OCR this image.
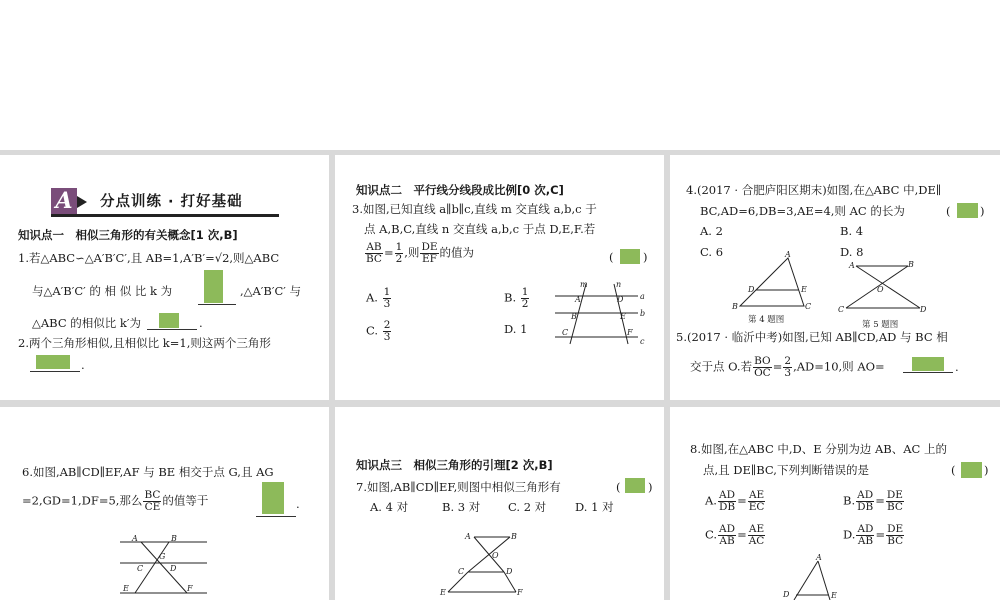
A	分点训练 · 打好基础
知识点一　相似三角形的有关概念[1 次,B]
1.若△ABC∽△A′B′C′,且 AB=1,A′B′=√2,则△ABC
与△A′B′C′ 的 相 似 比 k 为	,△A′B′C′ 与
△ABC 的相似比 k′为	.
2.两个三角形相似,且相似比 k=1,则这两个三角形
.
知识点二　平行线分线段成比例[0 次,C]
3.如图,已知直线 a∥b∥c,直线 m 交直线 a,b,c 于
点 A,B,C,直线 n 交直线 a,b,c 于点 D,E,F.若
$\frac{AB}{BC} = \frac{1}{2}$ ,则 $\frac{DE}{EF}$ 的值为	(	)
A. $\frac{1}{3}$	B. $\frac{1}{2}$
C. $\frac{2}{3}$	D. 1
m	n
A
B
C
D
E
F
a
b
c
4.(2017 · 合肥庐阳区期末)如图,在△ABC 中,DE∥
BC,AD=6,DB=3,AE=4,则 AC 的长为	(	)
A. 2	B. 4
C. 6	D. 8
A
D	E
B	C
第 4 题图
A	B
O
C	D
第 5 题图
5.(2017 · 临沂中考)如图,已知 AB∥CD,AD 与 BC 相
交于点 O.若 $\frac{BO}{OC} = \frac{2}{3} ,AD=10$,则 AO=	.
6.如图,AB∥CD∥EF,AF 与 BE 相交于点 G,且 AG
=2,GD=1,DF=5,那么 $\frac{BC}{CE}$ 的值等于	.
A	B
G
C	D
E	F
知识点三　相似三角形的引理[2 次,B]
7.如图,AB∥CD∥EF,则图中相似三角形有	( )
A. 4 对	B. 3 对 C. 2 对	D. 1 对
A	B
O
C	D
E	F
8.如图,在△ABC 中,D、E 分别为边 AB、AC 上的
点,且 DE∥BC,下列判断错误的是	( )
A. $\frac{AD}{DB} = \frac{AE}{EC}$	B. $\frac{AD}{DB} = \frac{DE}{BC}$
C. $\frac{AD}{AB} = \frac{AE}{AC}$	D. $\frac{AD}{AB} = \frac{DE}{BC}$
A
D	E
